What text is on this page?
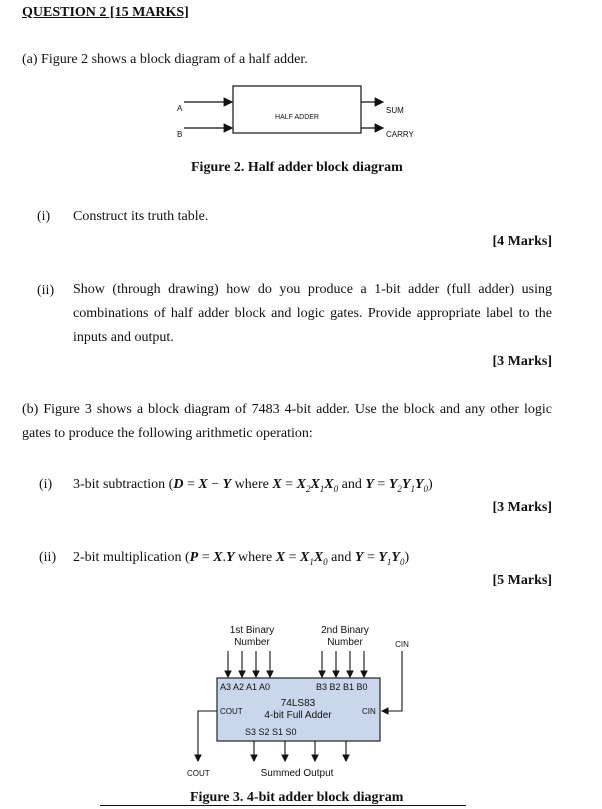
QUESTION 2 [15 MARKS]
(a) Figure 2 shows a block diagram of a half adder.
A
B
HALF ADDER
SUM
CARRY
Figure 2. Half adder block diagram
(i) Construct its truth table.
[4 Marks]
(ii) Show (through drawing) how do you produce a 1-bit adder (full adder) using combinations of half adder block and logic gates. Provide appropriate label to the inputs and output.
[3 Marks]
(b) Figure 3 shows a block diagram of 7483 4-bit adder. Use the block and any other logic gates to produce the following arithmetic operation:
(i) 3-bit subtraction (D = X − Y where $X = X_2X_1X_0$ and $Y = Y_2Y_1Y_0$)
[3 Marks]
(ii) 2-bit multiplication (P = X.Y where $X = X_1X_0$ and $Y = Y_1Y_0$)
[5 Marks]
1st Binary
Number
2nd Binary
Number	CIN
A3 A2 A1 A0	B3 B2 B1 B0
74LS83
4-bit Full Adder
COUT	CIN
S3 S2 S1 S0
COUT	Summed Output
Figure 3. 4-bit adder block diagram
